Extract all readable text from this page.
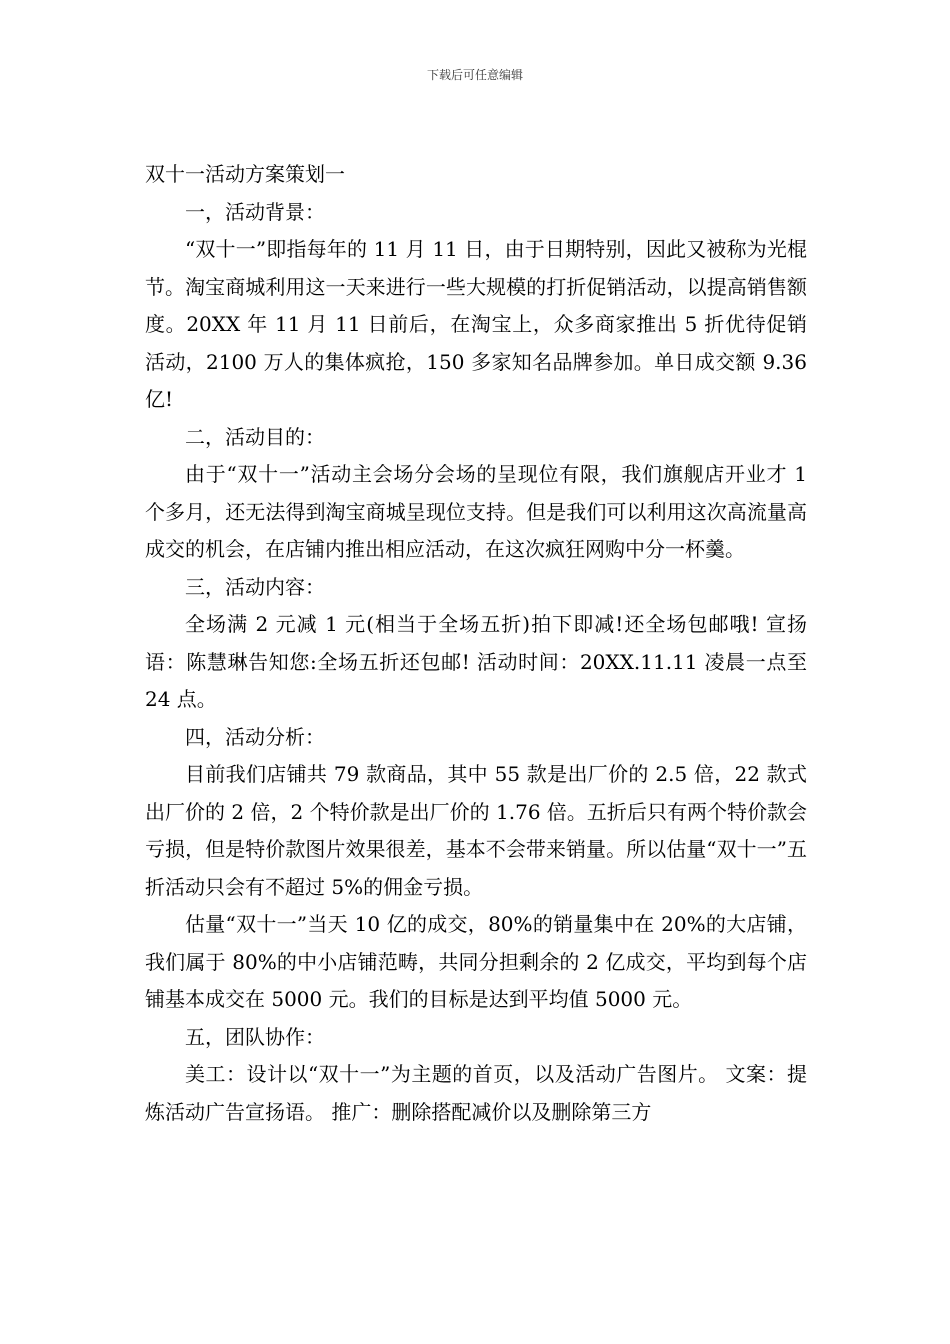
下载后可任意编辑

双十一活动方案策划一

一，活动背景：

“双十一”即指每年的 11 月 11 日，由于日期特别，因此又被称为光棍节。淘宝商城利用这一天来进行一些大规模的打折促销活动，以提高销售额度。20XX 年 11 月 11 日前后，在淘宝上，众多商家推出 5 折优待促销活动，2100 万人的集体疯抢，150 多家知名品牌参加。单日成交额 9.36 亿!

二，活动目的：

由于“双十一”活动主会场分会场的呈现位有限，我们旗舰店开业才 1 个多月，还无法得到淘宝商城呈现位支持。但是我们可以利用这次高流量高成交的机会，在店铺内推出相应活动，在这次疯狂网购中分一杯羹。

三，活动内容：

全场满 2 元减 1 元(相当于全场五折)拍下即减!还全场包邮哦! 宣扬语：陈慧琳告知您:全场五折还包邮! 活动时间：20XX.11.11 凌晨一点至 24 点。

四，活动分析：

目前我们店铺共 79 款商品，其中 55 款是出厂价的 2.5 倍，22 款式出厂价的 2 倍，2 个特价款是出厂价的 1.76 倍。五折后只有两个特价款会亏损，但是特价款图片效果很差，基本不会带来销量。所以估量“双十一”五折活动只会有不超过 5%的佣金亏损。

估量“双十一”当天 10 亿的成交，80%的销量集中在 20%的大店铺，我们属于 80%的中小店铺范畴，共同分担剩余的 2 亿成交，平均到每个店铺基本成交在 5000 元。我们的目标是达到平均值 5000 元。

五，团队协作：

美工：设计以“双十一”为主题的首页，以及活动广告图片。 文案：提炼活动广告宣扬语。 推广：删除搭配减价以及删除第三方
